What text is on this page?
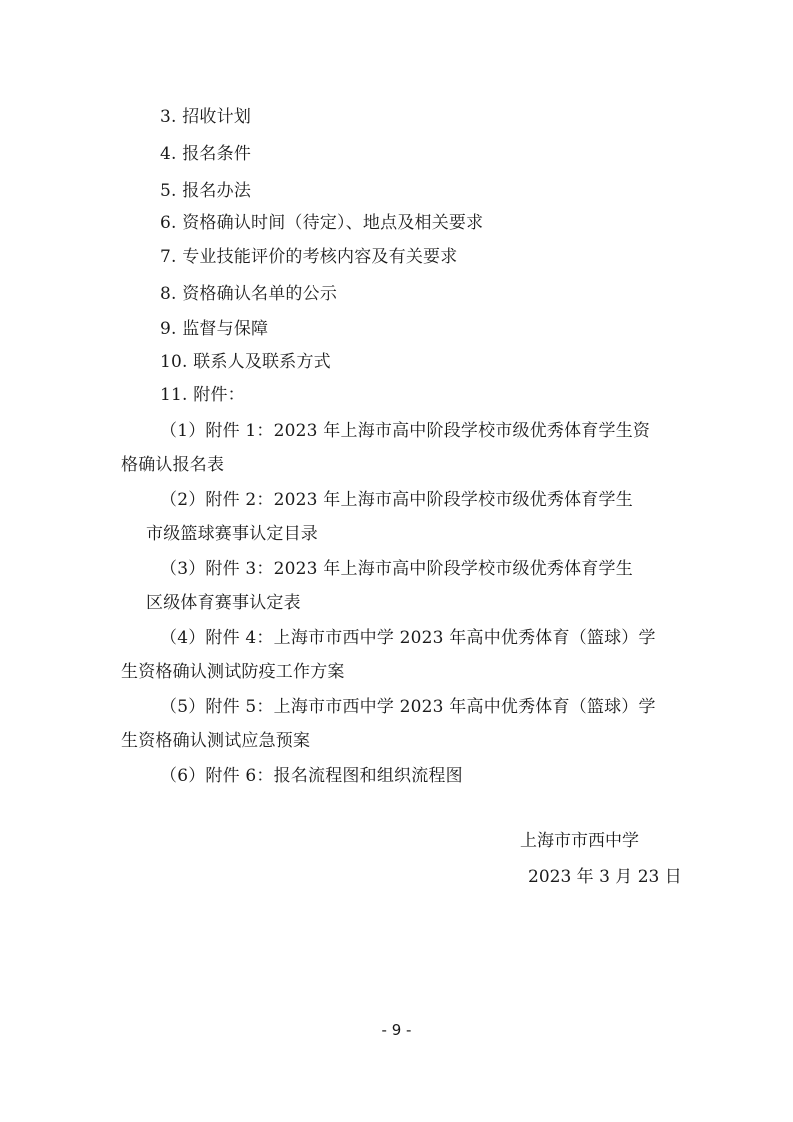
3. 招收计划
4. 报名条件
5. 报名办法
6. 资格确认时间（待定）、地点及相关要求
7. 专业技能评价的考核内容及有关要求
8. 资格确认名单的公示
9. 监督与保障
10. 联系人及联系方式
11. 附件：
（1）附件 1：2023 年上海市高中阶段学校市级优秀体育学生资
格确认报名表
（2）附件 2：2023 年上海市高中阶段学校市级优秀体育学生
市级篮球赛事认定目录
（3）附件 3：2023 年上海市高中阶段学校市级优秀体育学生
区级体育赛事认定表
（4）附件 4：上海市市西中学 2023 年高中优秀体育（篮球）学
生资格确认测试防疫工作方案
（5）附件 5：上海市市西中学 2023 年高中优秀体育（篮球）学
生资格确认测试应急预案
（6）附件 6：报名流程图和组织流程图
上海市市西中学
2023 年 3 月 23 日
- 9 -
